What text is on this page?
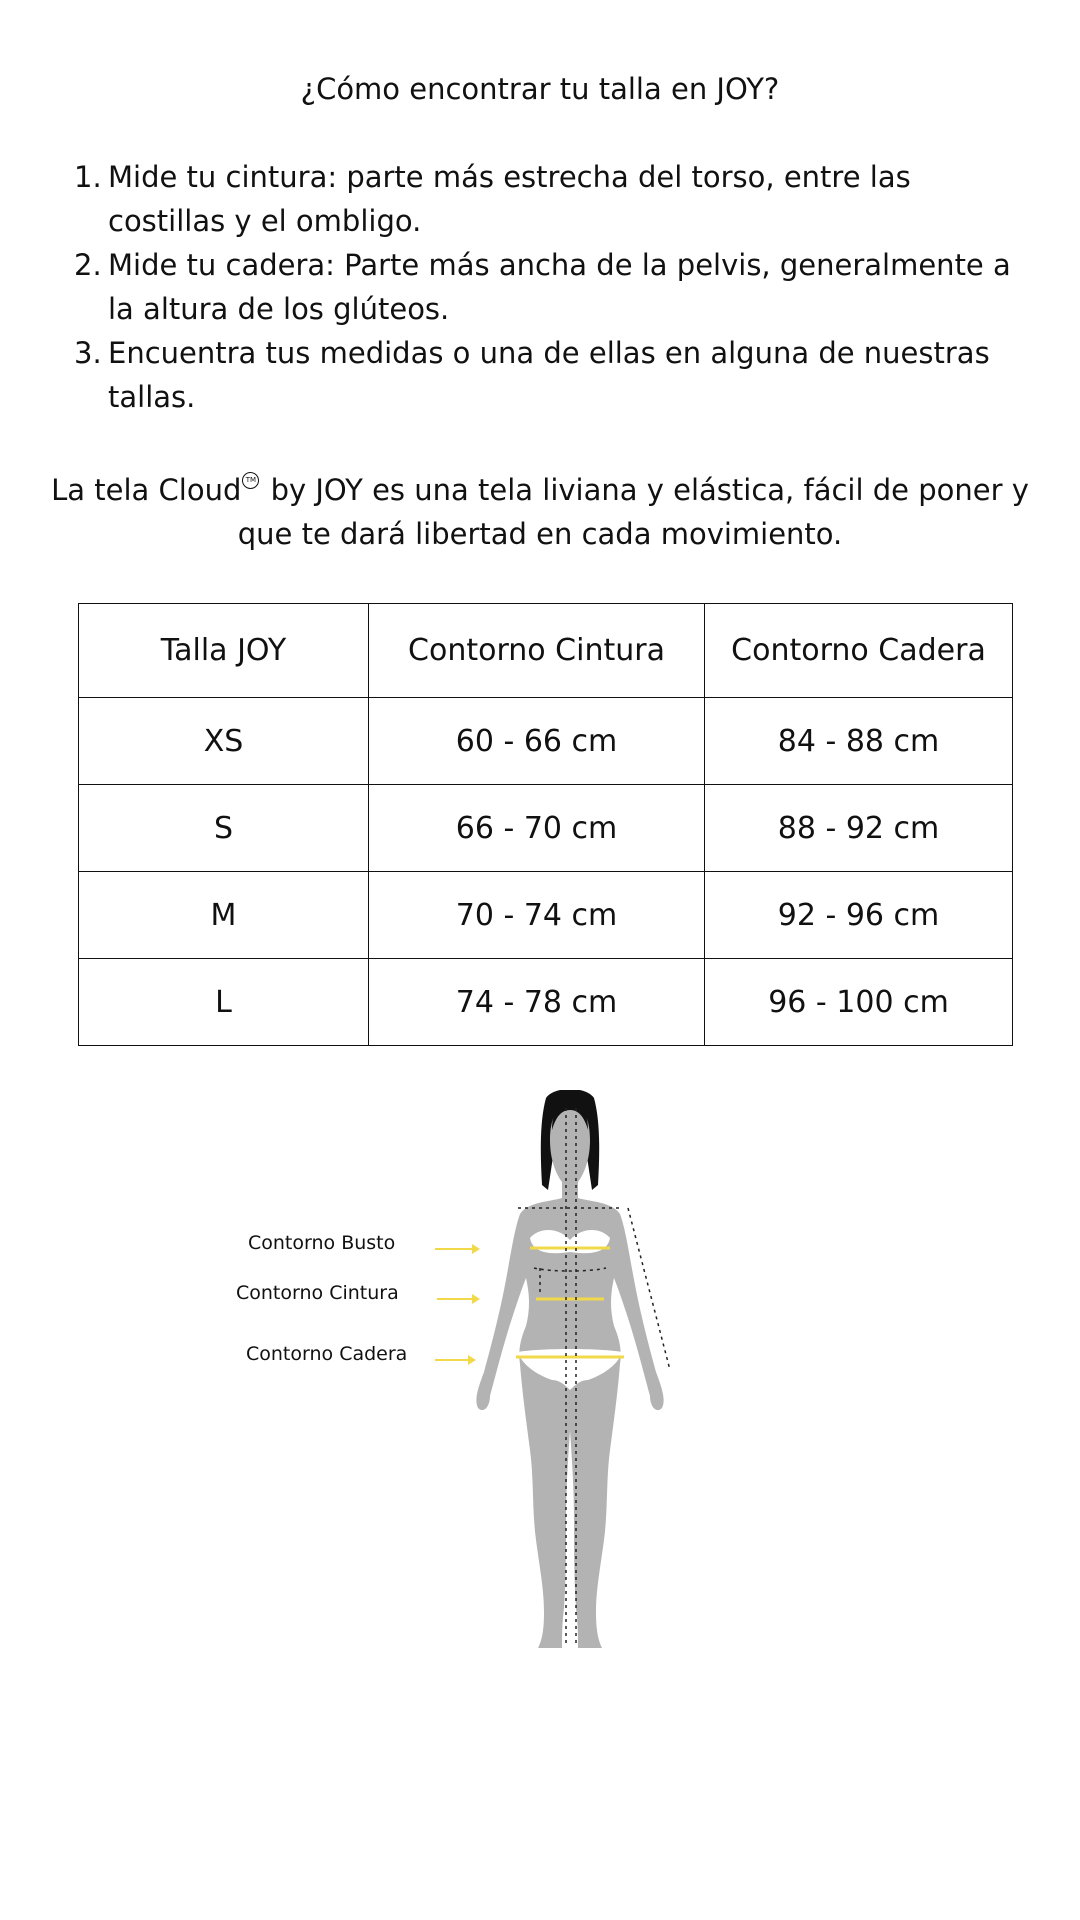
¿Cómo encontrar tu talla en JOY?
1. Mide tu cintura: parte más estrecha del torso, entre las costillas y el ombligo.
2. Mide tu cadera: Parte más ancha de la pelvis, generalmente a la altura de los glúteos.
3. Encuentra tus medidas o una de ellas en alguna de nuestras tallas.

La tela Cloud TM by JOY es una tela liviana y elástica, fácil de poner y que te dará libertad en cada movimiento.

Talla JOY	Contorno Cintura	Contorno Cadera
XS	60 - 66 cm	84 - 88 cm
S	66 - 70 cm	88 - 92 cm
M	70 - 74 cm	92 - 96 cm
L	74 - 78 cm	96 - 100 cm
Contorno Busto
Contorno Cintura
Contorno Cadera
